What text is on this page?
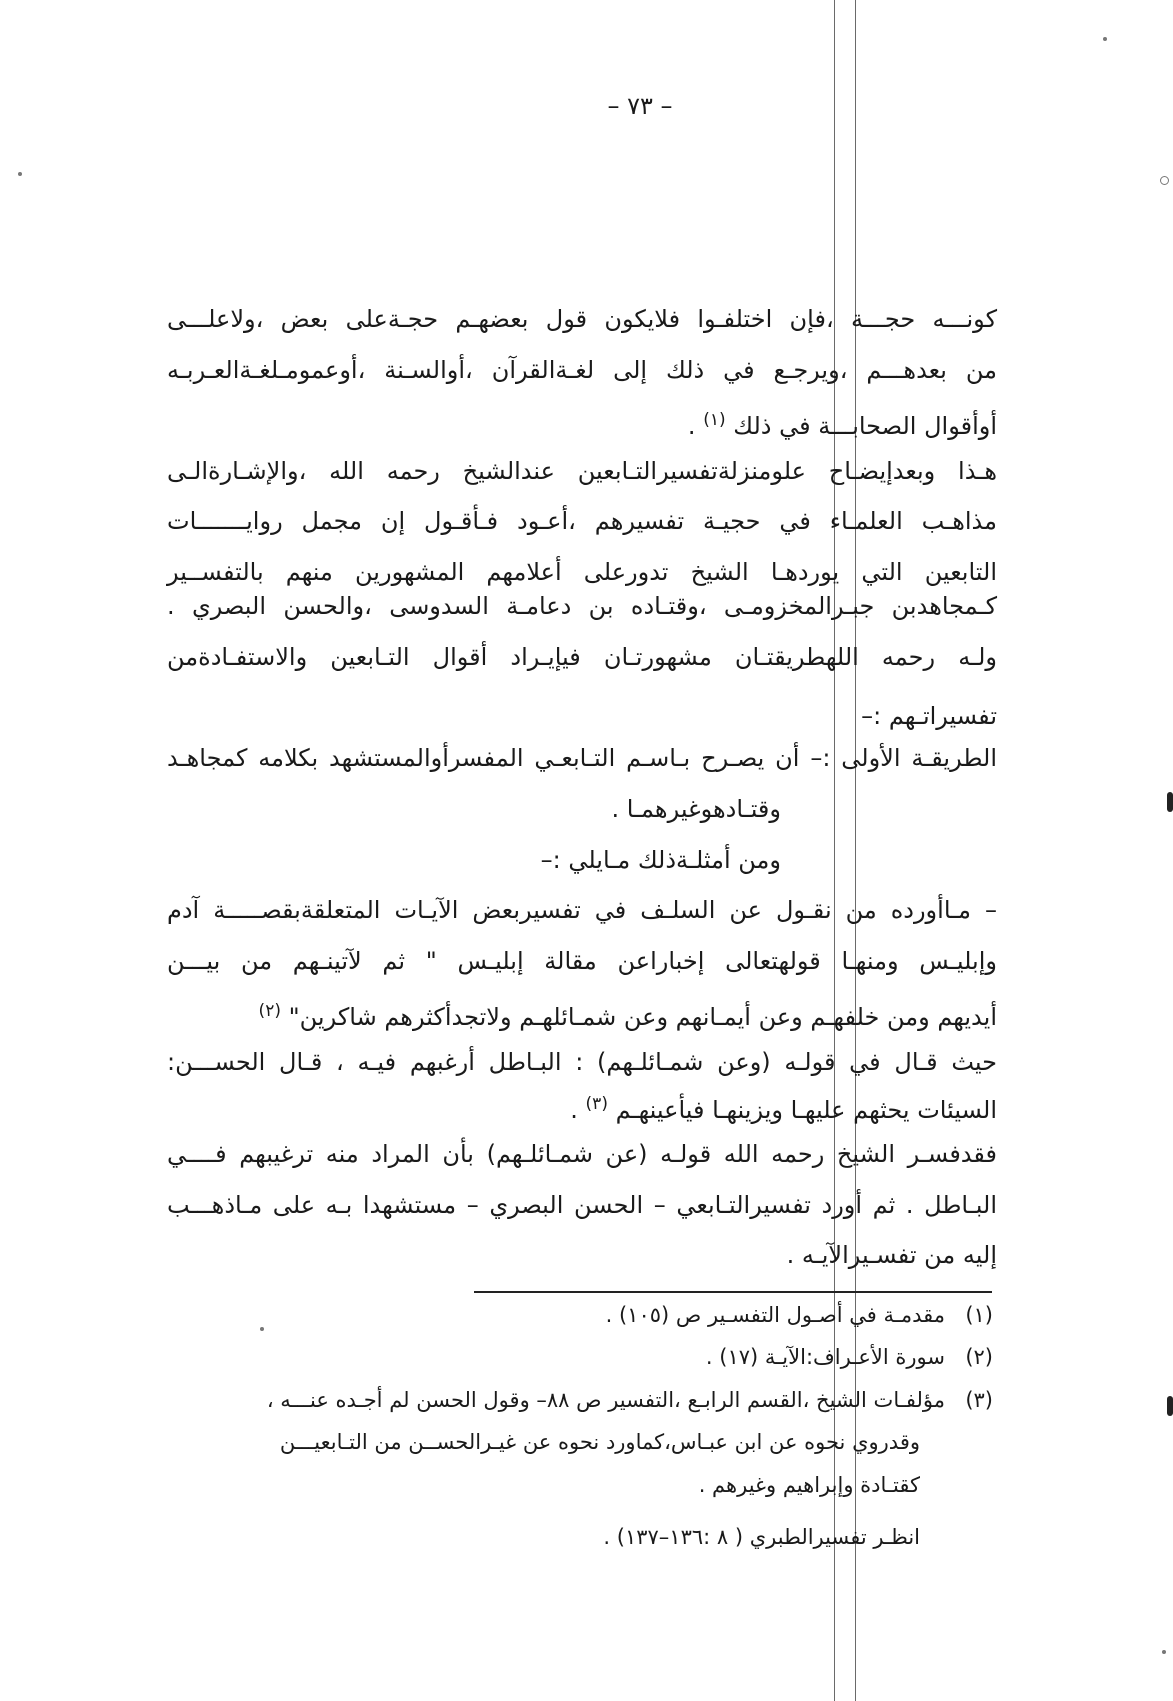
– ٧٣ –
كونـــه حجـــة ،فإن اختلفـوا فلايكون قول بعضهـم حجـةعلى بعض ،ولاعلـــى
من بعدهـــم ،ويرجـع في ذلك إلى لغـةالقرآن ،أوالسـنة ،أوعمومـلغـةالعـربـه
أوأقوال الصحابـــة في ذلك $^{(١)}$ .
هـذا وبعدإيضـاح علومنزلةتفسيرالتـابعين عندالشيخ رحمه الله ،والإشـارةالـى
مذاهـب العلمـاء في حجيـة تفسيرهم ،أعـود فـأقـول إن مجمل روايـــــــات
التابعين التي يوردهـا الشيخ تدورعلى أعلامهم المشهورين منهم بالتفســير
كـمجاهدبن جبـرالمخزومـى ،وقتـاده بن دعامـة السدوسى ،والحسن البصري .
ولـه رحمه اللهطريقتـان مشهورتـان فيإيـراد أقوال التـابعين والاستفـادةمن
تفسيراتـهم :–
الطريقـة الأولى :– أن يصـرح بـاسـم التـابعـي المفسرأوالمستشهد بكلامه كمجاهـد
وقتـادهوغيرهمـا .
ومن أمثلـةذلك مـايلي :–
– مـاأورده من نقـول عن السلـف في تفسيربعض الآيـات المتعلقةبقصـــــة آدم
وإبليـس ومنهـا قولهتعالى إخباراعن مقالة إبليـس " ثم لآتينـهم من بيـــن
أيديهم ومن خلفهـم وعن أيمـانهم وعن شمـائلهـم ولاتجدأكثرهم شاكرين" $^{(٢)}$
حيث قـال في قولـه (وعن شمـائلـهم) : البـاطل أرغبهم فيـه ، قـال الحســـن:
السيئات يحثهم عليهـا ويزينهـا فيأعينهـم $^{(٣)}$ .
فقدفسـر الشيخ رحمه الله قولـه (عن شمـائلـهم) بأن المراد منه ترغيبهم فــــي
البـاطل . ثم أورد تفسيرالتـابعي – الحسن البصري – مستشهدا بـه على مـاذهـــب
إليه من تفسـيرالآيـه .
(١)مقدمـة في أصـول التفسـير ص (١٠٥) .
(٢)سورة الأعـراف:الآيـة (١٧) .
(٣)مؤلفـات الشيخ ،القسم الرابـع ،التفسير ص ٨٨– وقول الحسن لم أجـده عنـــه ،
وقدروي نحوه عن ابن عبـاس،كماورد نحوه عن غيـرالحســن من التـابعيـــن
كقتـادة وإبراهيم وغيرهم .
انظـر تفسيرالطبري ( ٨ :١٣٦–١٣٧) .
